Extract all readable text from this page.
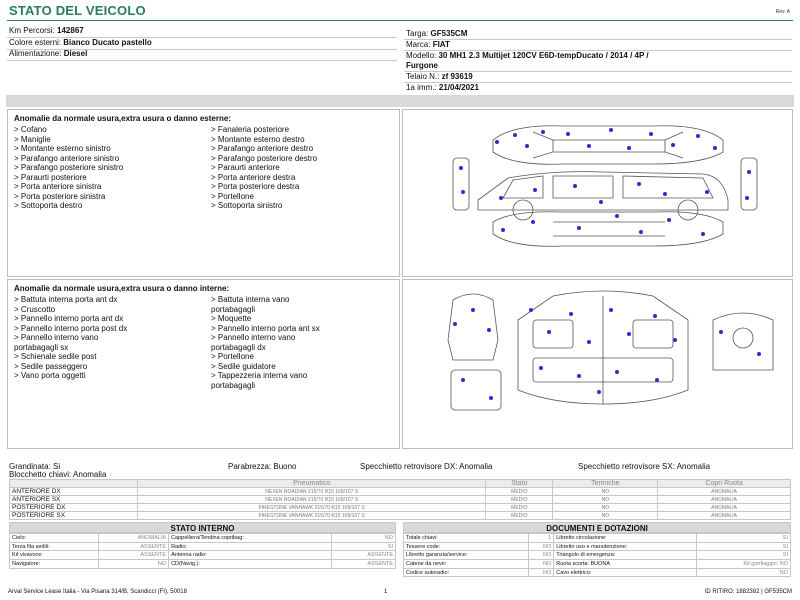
STATO DEL VEICOLO	Rev. A
Km Percorsi: 142867
Colore esterni: Bianco Ducato pastello
Alimentazione: Diesel
Targa: GF535CM
Marca: FIAT
Modello: 30 MH1 2.3 Multijet 120CV E6D-tempDucato / 2014 / 4P /
Furgone
Telaio N.: zf 93619
1a imm.: 21/04/2021
Anomalie da normale usura,extra usura o danno esterne:
> Cofano
> Maniglie
> Montante esterno sinistro
> Parafango anteriore sinistro
> Parafango posteriore sinistro
> Paraurti posteriore
> Porta anteriore sinistra
> Porta posteriore sinistra
> Sottoporta destro
> Fanaleria posteriore
> Montante esterno destro
> Parafango anteriore destro
> Parafango posteriore destro
> Paraurti anteriore
> Porta anteriore destra
> Porta posteriore destra
> Portellone
> Sottoporta sinistro
Anomalie da normale usura,extra usura o danno interne:
> Battuta interna porta ant dx
> Cruscotto
> Pannello interno porta ant dx
> Pannello interno porta post dx
> Pannello interno vano
portabagagli sx
> Schienale sedile post
> Sedile passeggero
> Vano porta oggetti
> Battuta interna vano
portabagagli
> Moquette
> Pannello interno porta ant sx
> Pannello interno vano
portabagagli dx
> Portellone
> Sedile guidatore
> Tappezzeria interna vano
portabagagli
Grandinata: Si	Parabrezza: Buono	Specchietto retrovisore DX: Anomalia	Specchietto retrovisore SX: Anomalia
Blocchetto chiavi: Anomalia
	Pneumatico	Stato	Termiche	Copri Ruota
ANTERIORE DX	NEXEN ROADIAN 215/70 R15 109/107 S	MEDIO	NO	ANOMALIA
ANTERIORE SX	NEXEN ROADIAN 215/70 R15 109/107 S	MEDIO	NO	ANOMALIA
POSTERIORE DX	FIRESTONE VANHAWK 215/70 R15 109/107 S	MEDIO	NO	ANOMALIA
POSTERIORE SX	FIRESTONE VANHAWK 215/70 R15 109/107 S	MEDIO	NO	ANOMALIA
STATO INTERNO
Cielo:	ANOMALIA	Cappelliera/Tendina copribag:	NO
Terza fila sedili:	ASSENTE	Radio:	SI
Kit vivavoce:	ASSENTE	Antenna radio:	ASSENTE
Navigatore:	NO	CD(Navig.):	ASSENTE
DOCUMENTI E DOTAZIONI
Totale chiavi:	1	Libretto circolazione:	SI
Tessere code:	NO	Libretto uso e manutenzione:	SI
Libretto garanzia/service:	NO	Triangolo di emergenza:	SI
Catene da neve:	NO	Ruota scorta: BUONA	Kit gonfiaggio: NO
Codice autoradio:	NO	Cavo elettrico:	NO
Arval Service Lease Italia - Via Pisana 314/B, Scandicci (FI), 50018	1	ID RITIRO: 1882382 | GF535CM
